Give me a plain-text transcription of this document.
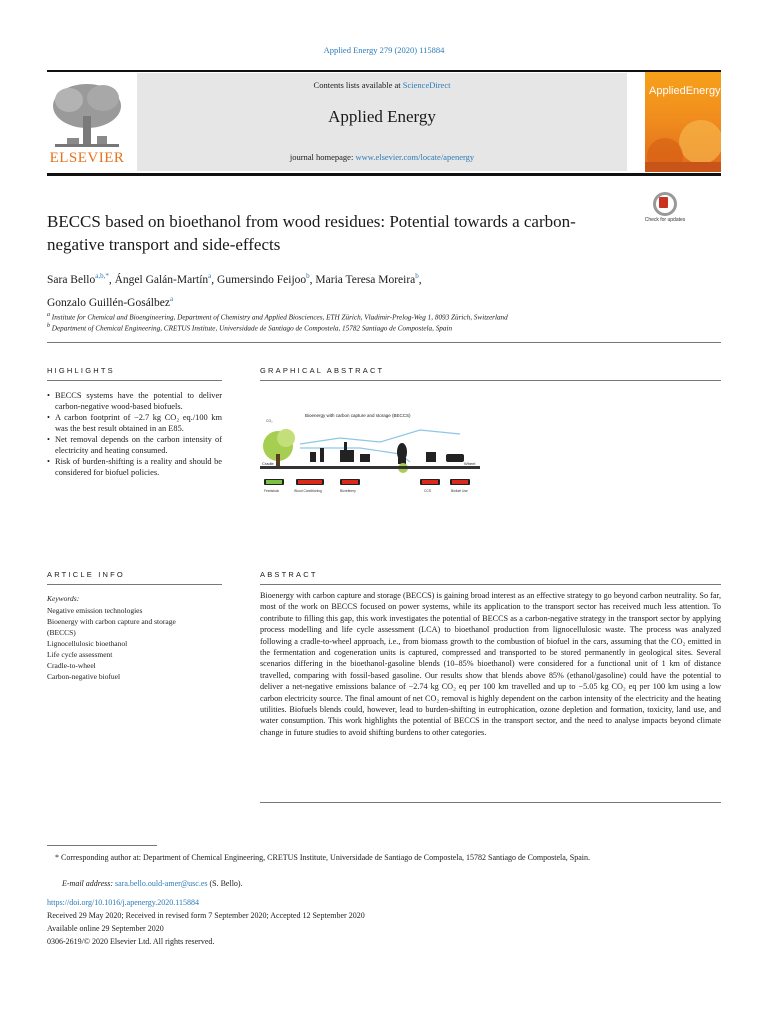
Applied Energy 279 (2020) 115884
ELSEVIER
Contents lists available at ScienceDirect
Applied Energy
journal homepage: www.elsevier.com/locate/apenergy
AppliedEnergy
Check for updates
BECCS based on bioethanol from wood residues: Potential towards a carbon-negative transport and side-effects
Sara Bello$^{a,b,*}$, Ángel Galán-Martín$^a$, Gumersindo Feijoo$^b$, Maria Teresa Moreira$^b$,
Gonzalo Guillén-Gosálbez$^a$
$^a$ Institute for Chemical and Bioengineering, Department of Chemistry and Applied Biosciences, ETH Zürich, Vladimir-Prelog-Weg 1, 8093 Zürich, Switzerland
$^b$ Department of Chemical Engineering, CRETUS Institute, Universidade de Santiago de Compostela, 15782 Santiago de Compostela, Spain
HIGHLIGHTS	GRAPHICAL ABSTRACT
• BECCS systems have the potential to deliver carbon-negative wood-based biofuels.
• A carbon footprint of −2.7 kg CO₂ eq./100 km was the best result obtained in an E85.
• Net removal depends on the carbon intensity of electricity and heating consumed.
• Risk of burden-shifting is a reality and should be considered for biofuel policies.
Bioenergy with carbon capture and storage (BECCS)
CO₂
Cradle	Wheel
Feedstock	Wood Conditioning	Biorefinery	CCS	Biofuel Use
ARTICLE INFO	ABSTRACT
Keywords:
Negative emission technologies
Bioenergy with carbon capture and storage
(BECCS)
Lignocellulosic bioethanol
Life cycle assessment
Cradle-to-wheel
Carbon-negative biofuel

Bioenergy with carbon capture and storage (BECCS) is gaining broad interest as an effective strategy to go beyond carbon neutrality. So far, most of the work on BECCS focused on power systems, while its application to the transport sector has received much less attention. To contribute to filling this gap, this work investigates the potential of BECCS as a carbon-negative strategy in the transport sector by applying process modelling and life cycle assessment (LCA) to bioethanol production from lignocellulosic waste. The process was analyzed following a cradle-to-wheel approach, i.e., from biomass growth to the combustion of biofuel in the cars, assuming that the CO₂ emitted in the fermentation and cogeneration units is captured, compressed and transported to be stored permanently in geological sites. Several scenarios differing in the bioethanol-gasoline blends (10–85% bioethanol) were considered for a functional unit of 1 km of distance travelled, comparing with fossil-based gasoline. Our results show that blends above 85% (ethanol/gasoline) could have the potential to deliver a net-negative emissions balance of −2.74 kg CO₂ eq per 100 km travelled and up to −5.05 kg CO₂ eq per 100 km using a low carbon electricity source. The final amount of net CO₂ removal is highly dependent on the carbon intensity of the electricity and the heating utilities. Biofuels blends could, however, lead to burden-shifting in eutrophication, ozone depletion and formation, toxicity, land use, and water consumption. This work highlights the potential of BECCS in the transport sector, and the need to analyse impacts beyond climate change in future studies to avoid shifting burdens to other categories.

* Corresponding author at: Department of Chemical Engineering, CRETUS Institute, Universidade de Santiago de Compostela, 15782 Santiago de Compostela, Spain.
E-mail address: sara.bello.ould-amer@usc.es (S. Bello).
https://doi.org/10.1016/j.apenergy.2020.115884
Received 29 May 2020; Received in revised form 7 September 2020; Accepted 12 September 2020
Available online 29 September 2020
0306-2619/© 2020 Elsevier Ltd. All rights reserved.
